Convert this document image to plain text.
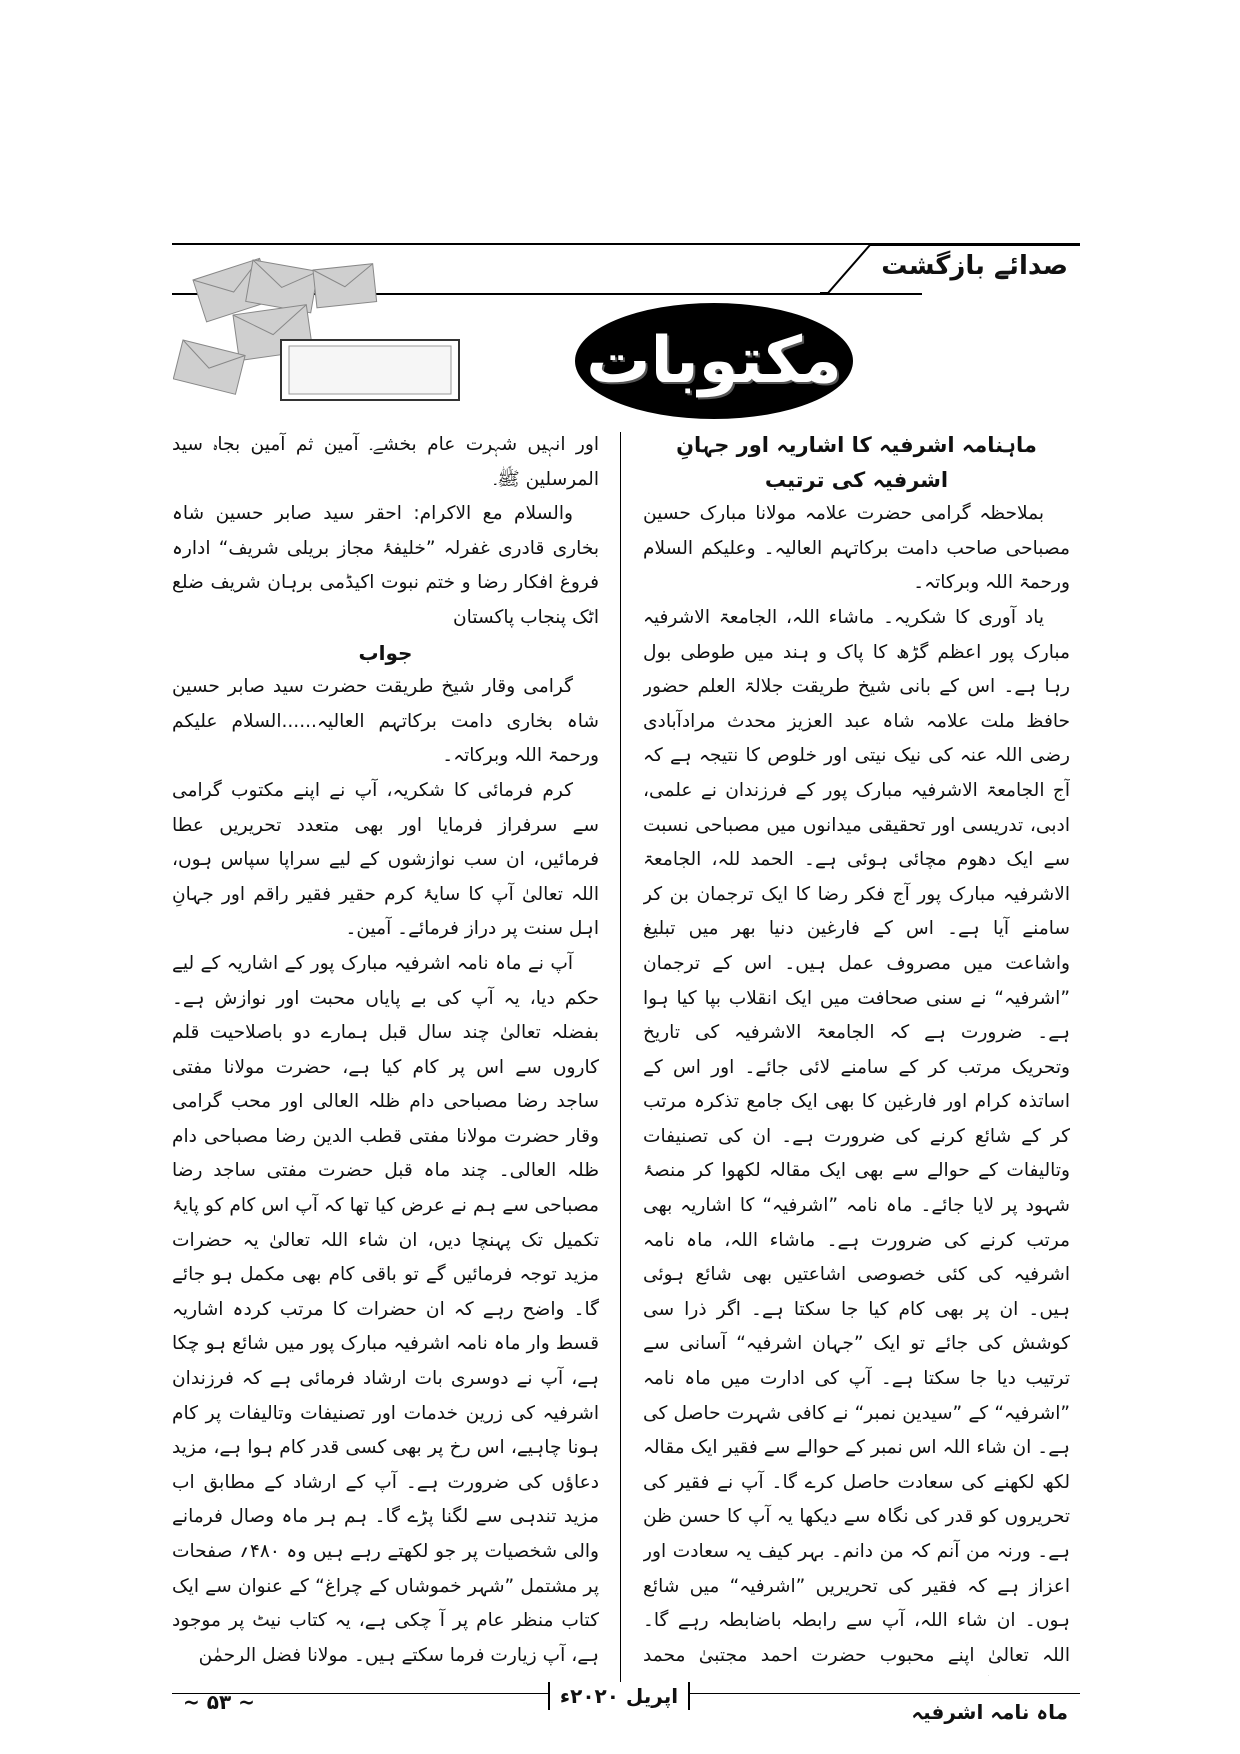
صدائے بازگشت
مکتوبات

ماہنامہ اشرفیہ کا اشاریہ اور جہانِ اشرفیہ کی ترتیب

بملاحظہ گرامی حضرت علامہ مولانا مبارک حسین مصباحی صاحب دامت برکاتہم العالیہ۔ وعلیکم السلام ورحمۃ اللہ وبرکاتہ۔

یاد آوری کا شکریہ۔ ماشاء اللہ، الجامعۃ الاشرفیہ مبارک پور اعظم گڑھ کا پاک و ہند میں طوطی بول رہا ہے۔ اس کے بانی شیخ طریقت جلالۃ العلم حضور حافظ ملت علامہ شاہ عبد العزیز محدث مرادآبادی رضی اللہ عنہ کی نیک نیتی اور خلوص کا نتیجہ ہے کہ آج الجامعۃ الاشرفیہ مبارک پور کے فرزندان نے علمی، ادبی، تدریسی اور تحقیقی میدانوں میں مصباحی نسبت سے ایک دھوم مچائی ہوئی ہے۔ الحمد للہ، الجامعۃ الاشرفیہ مبارک پور آج فکر رضا کا ایک ترجمان بن کر سامنے آیا ہے۔ اس کے فارغین دنیا بھر میں تبلیغ واشاعت میں مصروف عمل ہیں۔ اس کے ترجمان ”اشرفیہ“ نے سنی صحافت میں ایک انقلاب بپا کیا ہوا ہے۔ ضرورت ہے کہ الجامعۃ الاشرفیہ کی تاریخ وتحریک مرتب کر کے سامنے لائی جائے۔ اور اس کے اساتذہ کرام اور فارغین کا بھی ایک جامع تذکرہ مرتب کر کے شائع کرنے کی ضرورت ہے۔ ان کی تصنیفات وتالیفات کے حوالے سے بھی ایک مقالہ لکھوا کر منصۂ شہود پر لایا جائے۔ ماہ نامہ ”اشرفیہ“ کا اشاریہ بھی مرتب کرنے کی ضرورت ہے۔ ماشاء اللہ، ماہ نامہ اشرفیہ کی کئی خصوصی اشاعتیں بھی شائع ہوئی ہیں۔ ان پر بھی کام کیا جا سکتا ہے۔ اگر ذرا سی کوشش کی جائے تو ایک ”جہان اشرفیہ“ آسانی سے ترتیب دیا جا سکتا ہے۔ آپ کی ادارت میں ماہ نامہ ”اشرفیہ“ کے ”سیدین نمبر“ نے کافی شہرت حاصل کی ہے۔ ان شاء اللہ اس نمبر کے حوالے سے فقیر ایک مقالہ لکھ لکھنے کی سعادت حاصل کرے گا۔ آپ نے فقیر کی تحریروں کو قدر کی نگاہ سے دیکھا یہ آپ کا حسن ظن ہے۔ ورنہ من آنم کہ من دانم۔ بہر کیف یہ سعادت اور اعزاز ہے کہ فقیر کی تحریریں ”اشرفیہ“ میں شائع ہوں۔ ان شاء اللہ، آپ سے رابطہ باضابطہ رہے گا۔ اللہ تعالیٰ اپنے محبوب حضرت احمد مجتبیٰ محمد

اور انہیں شہرت عام بخشے۔ آمین ثم آمین بجاہ سید المرسلین ﷺ۔

والسلام مع الاکرام: احقر سید صابر حسین شاہ بخاری قادری غفرلہ ”خلیفۂ مجاز بریلی شریف“ ادارہ فروغ افکار رضا و ختم نبوت اکیڈمی برہان شریف ضلع اٹک پنجاب پاکستان

جواب

گرامی وقار شیخ طریقت حضرت سید صابر حسین شاہ بخاری دامت برکاتہم العالیہ......السلام علیکم ورحمۃ اللہ وبرکاتہ۔

کرم فرمائی کا شکریہ، آپ نے اپنے مکتوب گرامی سے سرفراز فرمایا اور بھی متعدد تحریریں عطا فرمائیں، ان سب نوازشوں کے لیے سراپا سپاس ہوں، اللہ تعالیٰ آپ کا سایۂ کرم حقیر فقیر راقم اور جہانِ اہل سنت پر دراز فرمائے۔ آمین۔

آپ نے ماہ نامہ اشرفیہ مبارک پور کے اشاریہ کے لیے حکم دیا، یہ آپ کی بے پایاں محبت اور نوازش ہے۔ بفضلہ تعالیٰ چند سال قبل ہمارے دو باصلاحیت قلم کاروں سے اس پر کام کیا ہے، حضرت مولانا مفتی ساجد رضا مصباحی دام ظلہ العالی اور محب گرامی وقار حضرت مولانا مفتی قطب الدین رضا مصباحی دام ظلہ العالی۔ چند ماہ قبل حضرت مفتی ساجد رضا مصباحی سے ہم نے عرض کیا تھا کہ آپ اس کام کو پایۂ تکمیل تک پہنچا دیں، ان شاء اللہ تعالیٰ یہ حضرات مزید توجہ فرمائیں گے تو باقی کام بھی مکمل ہو جائے گا۔ واضح رہے کہ ان حضرات کا مرتب کردہ اشاریہ قسط وار ماہ نامہ اشرفیہ مبارک پور میں شائع ہو چکا ہے، آپ نے دوسری بات ارشاد فرمائی ہے کہ فرزندان اشرفیہ کی زرین خدمات اور تصنیفات وتالیفات پر کام ہونا چاہیے، اس رخ پر بھی کسی قدر کام ہوا ہے، مزید دعاؤں کی ضرورت ہے۔ آپ کے ارشاد کے مطابق اب مزید تندہی سے لگنا پڑے گا۔ ہم ہر ماہ وصال فرمانے والی شخصیات پر جو لکھتے رہے ہیں وہ ۴۸۰؍ صفحات پر مشتمل ”شہر خموشاں کے چراغ“ کے عنوان سے ایک کتاب منظر عام پر آ چکی ہے، یہ کتاب نیٹ پر موجود ہے، آپ زیارت فرما سکتے ہیں۔ مولانا فضل الرحمٰن

~ ۵۳ ~	اپریل ۲۰۲۰ء
ماہ نامہ اشرفیہ
